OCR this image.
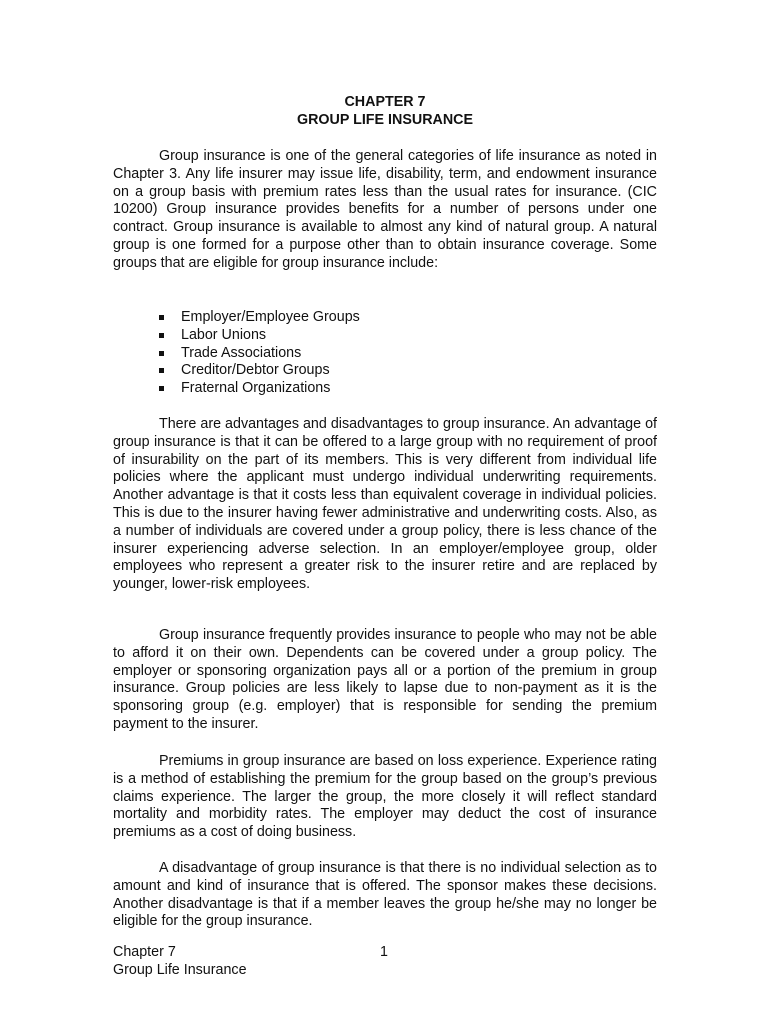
CHAPTER 7
GROUP LIFE INSURANCE

Group insurance is one of the general categories of life insurance as noted in Chapter 3. Any life insurer may issue life, disability, term, and endowment insurance on a group basis with premium rates less than the usual rates for insurance. (CIC 10200) Group insurance provides benefits for a number of persons under one contract. Group insurance is available to almost any kind of natural group. A natural group is one formed for a purpose other than to obtain insurance coverage. Some groups that are eligible for group insurance include:

Employer/Employee Groups
Labor Unions
Trade Associations
Creditor/Debtor Groups
Fraternal Organizations

There are advantages and disadvantages to group insurance. An advantage of group insurance is that it can be offered to a large group with no requirement of proof of insurability on the part of its members. This is very different from individual life policies where the applicant must undergo individual underwriting requirements. Another advantage is that it costs less than equivalent coverage in individual policies. This is due to the insurer having fewer administrative and underwriting costs. Also, as a number of individuals are covered under a group policy, there is less chance of the insurer experiencing adverse selection. In an employer/employee group, older employees who represent a greater risk to the insurer retire and are replaced by younger, lower-risk employees.

Group insurance frequently provides insurance to people who may not be able to afford it on their own. Dependents can be covered under a group policy. The employer or sponsoring organization pays all or a portion of the premium in group insurance. Group policies are less likely to lapse due to non-payment as it is the sponsoring group (e.g. employer) that is responsible for sending the premium payment to the insurer.

Premiums in group insurance are based on loss experience. Experience rating is a method of establishing the premium for the group based on the group’s previous claims experience. The larger the group, the more closely it will reflect standard mortality and morbidity rates. The employer may deduct the cost of insurance premiums as a cost of doing business.

A disadvantage of group insurance is that there is no individual selection as to amount and kind of insurance that is offered. The sponsor makes these decisions. Another disadvantage is that if a member leaves the group he/she may no longer be eligible for the group insurance.

Chapter 7
Group Life Insurance
1
